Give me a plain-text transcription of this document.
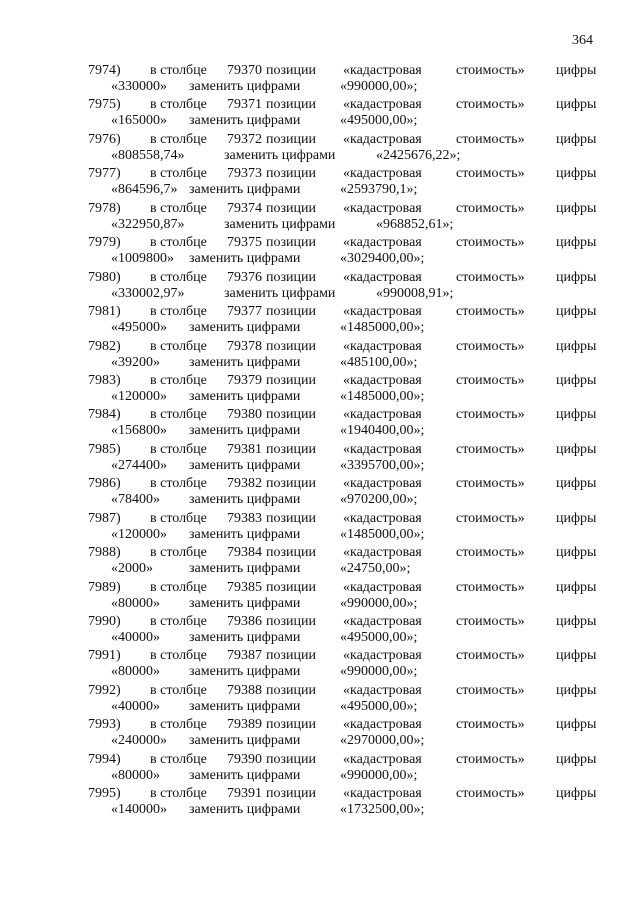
364
7974) в столбце 79370 позиции «кадастровая стоимость» цифры
«330000» заменить цифрами	«990000,00»;
7975) в столбце 79371 позиции «кадастровая стоимость» цифры
«165000» заменить цифрами	«495000,00»;
7976) в столбце 79372 позиции «кадастровая стоимость» цифры
«808558,74»	заменить цифрами	«2425676,22»;
7977) в столбце 79373 позиции «кадастровая стоимость» цифры
«864596,7» заменить цифрами	«2593790,1»;
7978) в столбце 79374 позиции «кадастровая стоимость» цифры
«322950,87»	заменить цифрами	«968852,61»;
7979) в столбце 79375 позиции «кадастровая стоимость» цифры
«1009800» заменить цифрами	«3029400,00»;
7980) в столбце 79376 позиции «кадастровая стоимость» цифры
«330002,97»	заменить цифрами	«990008,91»;
7981) в столбце 79377 позиции «кадастровая стоимость» цифры
«495000» заменить цифрами	«1485000,00»;
7982) в столбце 79378 позиции «кадастровая стоимость» цифры
«39200» заменить цифрами	«485100,00»;
7983) в столбце 79379 позиции «кадастровая стоимость» цифры
«120000» заменить цифрами	«1485000,00»;
7984) в столбце 79380 позиции «кадастровая стоимость» цифры
«156800» заменить цифрами	«1940400,00»;
7985) в столбце 79381 позиции «кадастровая стоимость» цифры
«274400» заменить цифрами	«3395700,00»;
7986) в столбце 79382 позиции «кадастровая стоимость» цифры
«78400» заменить цифрами	«970200,00»;
7987) в столбце 79383 позиции «кадастровая стоимость» цифры
«120000» заменить цифрами	«1485000,00»;
7988) в столбце 79384 позиции «кадастровая стоимость» цифры
«2000»	заменить цифрами	«24750,00»;
7989) в столбце 79385 позиции «кадастровая стоимость» цифры
«80000» заменить цифрами	«990000,00»;
7990) в столбце 79386 позиции «кадастровая стоимость» цифры
«40000» заменить цифрами	«495000,00»;
7991) в столбце 79387 позиции «кадастровая стоимость» цифры
«80000» заменить цифрами	«990000,00»;
7992) в столбце 79388 позиции «кадастровая стоимость» цифры
«40000» заменить цифрами	«495000,00»;
7993) в столбце 79389 позиции «кадастровая стоимость» цифры
«240000» заменить цифрами	«2970000,00»;
7994) в столбце 79390 позиции «кадастровая стоимость» цифры
«80000» заменить цифрами	«990000,00»;
7995) в столбце 79391 позиции «кадастровая стоимость» цифры
«140000» заменить цифрами	«1732500,00»;
